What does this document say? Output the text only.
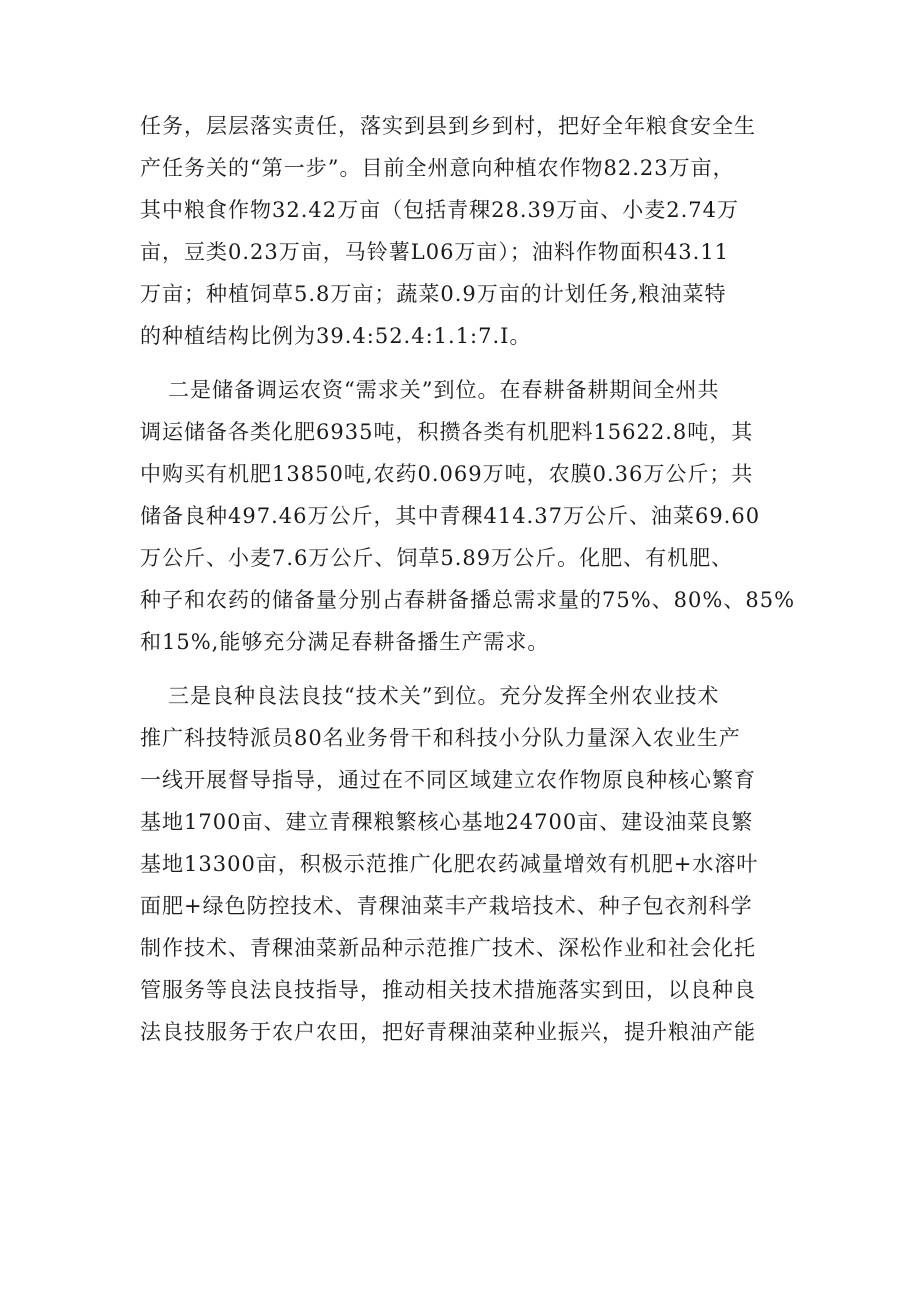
任务，层层落实责任，落实到县到乡到村，把好全年粮食安全生
产任务关的“第一步”。目前全州意向种植农作物82.23万亩，
其中粮食作物32.42万亩（包括青稞28.39万亩、小麦2.74万
亩，豆类0.23万亩，马铃薯L06万亩）；油料作物面积43.11
万亩；种植饲草5.8万亩；蔬菜0.9万亩的计划任务,粮油菜特
的种植结构比例为39.4:52.4:1.1:7.I。

二是储备调运农资“需求关”到位。在春耕备耕期间全州共
调运储备各类化肥6935吨，积攒各类有机肥料15622.8吨，其
中购买有机肥13850吨,农药0.069万吨，农膜0.36万公斤；共
储备良种497.46万公斤，其中青稞414.37万公斤、油菜69.60
万公斤、小麦7.6万公斤、饲草5.89万公斤。化肥、有机肥、
种子和农药的储备量分别占春耕备播总需求量的75%、80%、85%
和15%,能够充分满足春耕备播生产需求。

三是良种良法良技“技术关”到位。充分发挥全州农业技术
推广科技特派员80名业务骨干和科技小分队力量深入农业生产
一线开展督导指导，通过在不同区域建立农作物原良种核心繁育
基地1700亩、建立青稞粮繁核心基地24700亩、建设油菜良繁
基地13300亩，积极示范推广化肥农药减量增效有机肥+水溶叶
面肥+绿色防控技术、青稞油菜丰产栽培技术、种子包衣剂科学
制作技术、青稞油菜新品种示范推广技术、深松作业和社会化托
管服务等良法良技指导，推动相关技术措施落实到田，以良种良
法良技服务于农户农田，把好青稞油菜种业振兴，提升粮油产能
